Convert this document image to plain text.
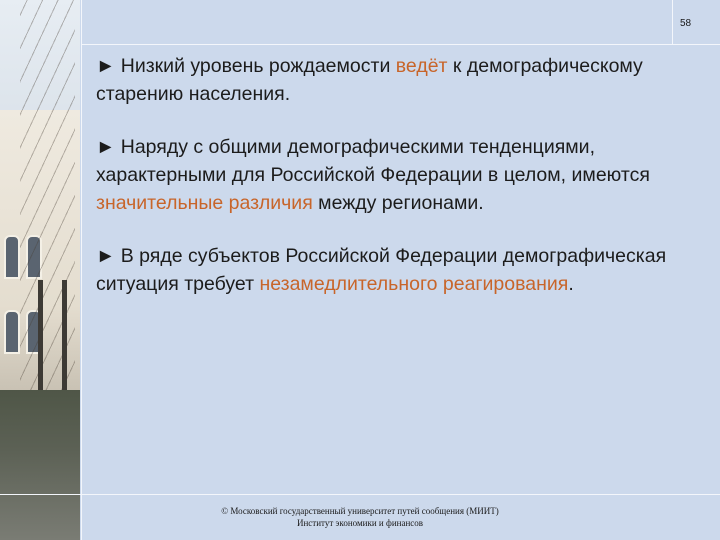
58

► Низкий уровень рождаемости ведёт к демографическому старению населения.

► Наряду с общими демографическими тенденциями, характерными для Российской Федерации в целом, имеются значительные различия между регионами.

► В ряде субъектов Российской Федерации демографическая ситуация требует незамедлительного реагирования.

© Московский государственный университет путей сообщения (МИИТ)
Институт экономики и финансов
